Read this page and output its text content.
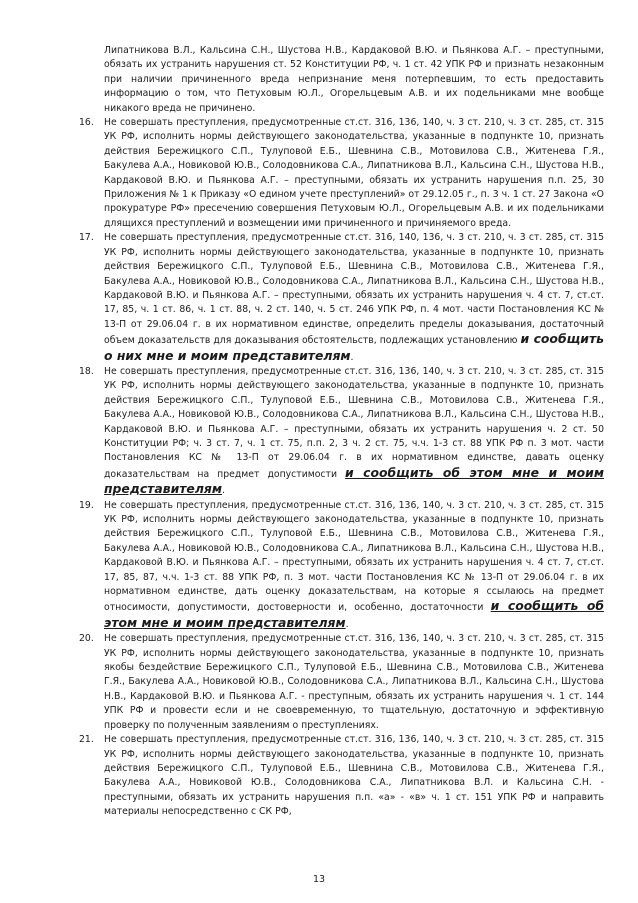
Липатникова В.Л., Кальсина С.Н., Шустова Н.В., Кардаковой В.Ю. и Пьянкова А.Г. – преступными, обязать их устранить нарушения ст. 52 Конституции РФ, ч. 1 ст. 42 УПК РФ и признать незаконным при наличии причиненного вреда непризнание меня потерпевшим, то есть предоставить информацию о том, что Петуховым Ю.Л., Огорельцевым А.В. и их подельниками мне вообще никакого вреда не причинено.

16. Не совершать преступления, предусмотренные ст.ст. 316, 136, 140, ч. 3 ст. 210, ч. 3 ст. 285, ст. 315 УК РФ, исполнить нормы действующего законодательства, указанные в подпункте 10, признать действия Бережицкого С.П., Тулуповой Е.Б., Шевнина С.В., Мотовилова С.В., Житенева Г.Я., Бакулева А.А., Новиковой Ю.В., Солодовникова С.А., Липатникова В.Л., Кальсина С.Н., Шустова Н.В., Кардаковой В.Ю. и Пьянкова А.Г. – преступными, обязать их устранить нарушения п.п. 25, 30 Приложения № 1 к Приказу «О едином учете преступлений» от 29.12.05 г., п. 3 ч. 1 ст. 27 Закона «О прокуратуре РФ» пресечению совершения Петуховым Ю.Л., Огорельцевым А.В. и их подельниками длящихся преступлений и возмещении ими причиненного и причиняемого вреда.

17. Не совершать преступления, предусмотренные ст.ст. 316, 140, 136, ч. 3 ст. 210, ч. 3 ст. 285, ст. 315 УК РФ, исполнить нормы действующего законодательства, указанные в подпункте 10, признать действия Бережицкого С.П., Тулуповой Е.Б., Шевнина С.В., Мотовилова С.В., Житенева Г.Я., Бакулева А.А., Новиковой Ю.В., Солодовникова С.А., Липатникова В.Л., Кальсина С.Н., Шустова Н.В., Кардаковой В.Ю. и Пьянкова А.Г. – преступными, обязать их устранить нарушения ч. 4 ст. 7, ст.ст. 17, 85, ч. 1 ст. 86, ч. 1 ст. 88, ч. 2 ст. 140, ч. 5 ст. 246 УПК РФ, п. 4 мот. части Постановления КС № 13-П от 29.06.04 г. в их нормативном единстве, определить пределы доказывания, достаточный объем доказательств для доказывания обстоятельств, подлежащих установлению и сообщить о них мне и моим представителям.

18. Не совершать преступления, предусмотренные ст.ст. 316, 136, 140, ч. 3 ст. 210, ч. 3 ст. 285, ст. 315 УК РФ, исполнить нормы действующего законодательства, указанные в подпункте 10, признать действия Бережицкого С.П., Тулуповой Е.Б., Шевнина С.В., Мотовилова С.В., Житенева Г.Я., Бакулева А.А., Новиковой Ю.В., Солодовникова С.А., Липатникова В.Л., Кальсина С.Н., Шустова Н.В., Кардаковой В.Ю. и Пьянкова А.Г. – преступными, обязать их устранить нарушения ч. 2 ст. 50 Конституции РФ; ч. 3 ст. 7, ч. 1 ст. 75, п.п. 2, 3 ч. 2 ст. 75, ч.ч. 1-3 ст. 88 УПК РФ п. 3 мот. части Постановления КС № 13-П от 29.06.04 г. в их нормативном единстве, давать оценку доказательствам на предмет допустимости и сообщить об этом мне и моим представителям.

19. Не совершать преступления, предусмотренные ст.ст. 316, 136, 140, ч. 3 ст. 210, ч. 3 ст. 285, ст. 315 УК РФ, исполнить нормы действующего законодательства, указанные в подпункте 10, признать действия Бережицкого С.П., Тулуповой Е.Б., Шевнина С.В., Мотовилова С.В., Житенева Г.Я., Бакулева А.А., Новиковой Ю.В., Солодовникова С.А., Липатникова В.Л., Кальсина С.Н., Шустова Н.В., Кардаковой В.Ю. и Пьянкова А.Г. – преступными, обязать их устранить нарушения ч. 4 ст. 7, ст.ст. 17, 85, 87, ч.ч. 1-3 ст. 88 УПК РФ, п. 3 мот. части Постановления КС № 13-П от 29.06.04 г. в их нормативном единстве, дать оценку доказательствам, на которые я ссылаюсь на предмет относимости, допустимости, достоверности и, особенно, достаточности и сообщить об этом мне и моим представителям.

20. Не совершать преступления, предусмотренные ст.ст. 316, 136, 140, ч. 3 ст. 210, ч. 3 ст. 285, ст. 315 УК РФ, исполнить нормы действующего законодательства, указанные в подпункте 10, признать якобы бездействие Бережицкого С.П., Тулуповой Е.Б., Шевнина С.В., Мотовилова С.В., Житенева Г.Я., Бакулева А.А., Новиковой Ю.В., Солодовникова С.А., Липатникова В.Л., Кальсина С.Н., Шустова Н.В., Кардаковой В.Ю. и Пьянкова А.Г. - преступным, обязать их устранить нарушения ч. 1 ст. 144 УПК РФ и провести если и не своевременную, то тщательную, достаточную и эффективную проверку по полученным заявлениям о преступлениях.

21. Не совершать преступления, предусмотренные ст.ст. 316, 136, 140, ч. 3 ст. 210, ч. 3 ст. 285, ст. 315 УК РФ, исполнить нормы действующего законодательства, указанные в подпункте 10, признать действия Бережицкого С.П., Тулуповой Е.Б., Шевнина С.В., Мотовилова С.В., Житенева Г.Я., Бакулева А.А., Новиковой Ю.В., Солодовникова С.А., Липатникова В.Л. и Кальсина С.Н. - преступными, обязать их устранить нарушения п.п. «а» - «в» ч. 1 ст. 151 УПК РФ и направить материалы непосредственно с СК РФ,

13
